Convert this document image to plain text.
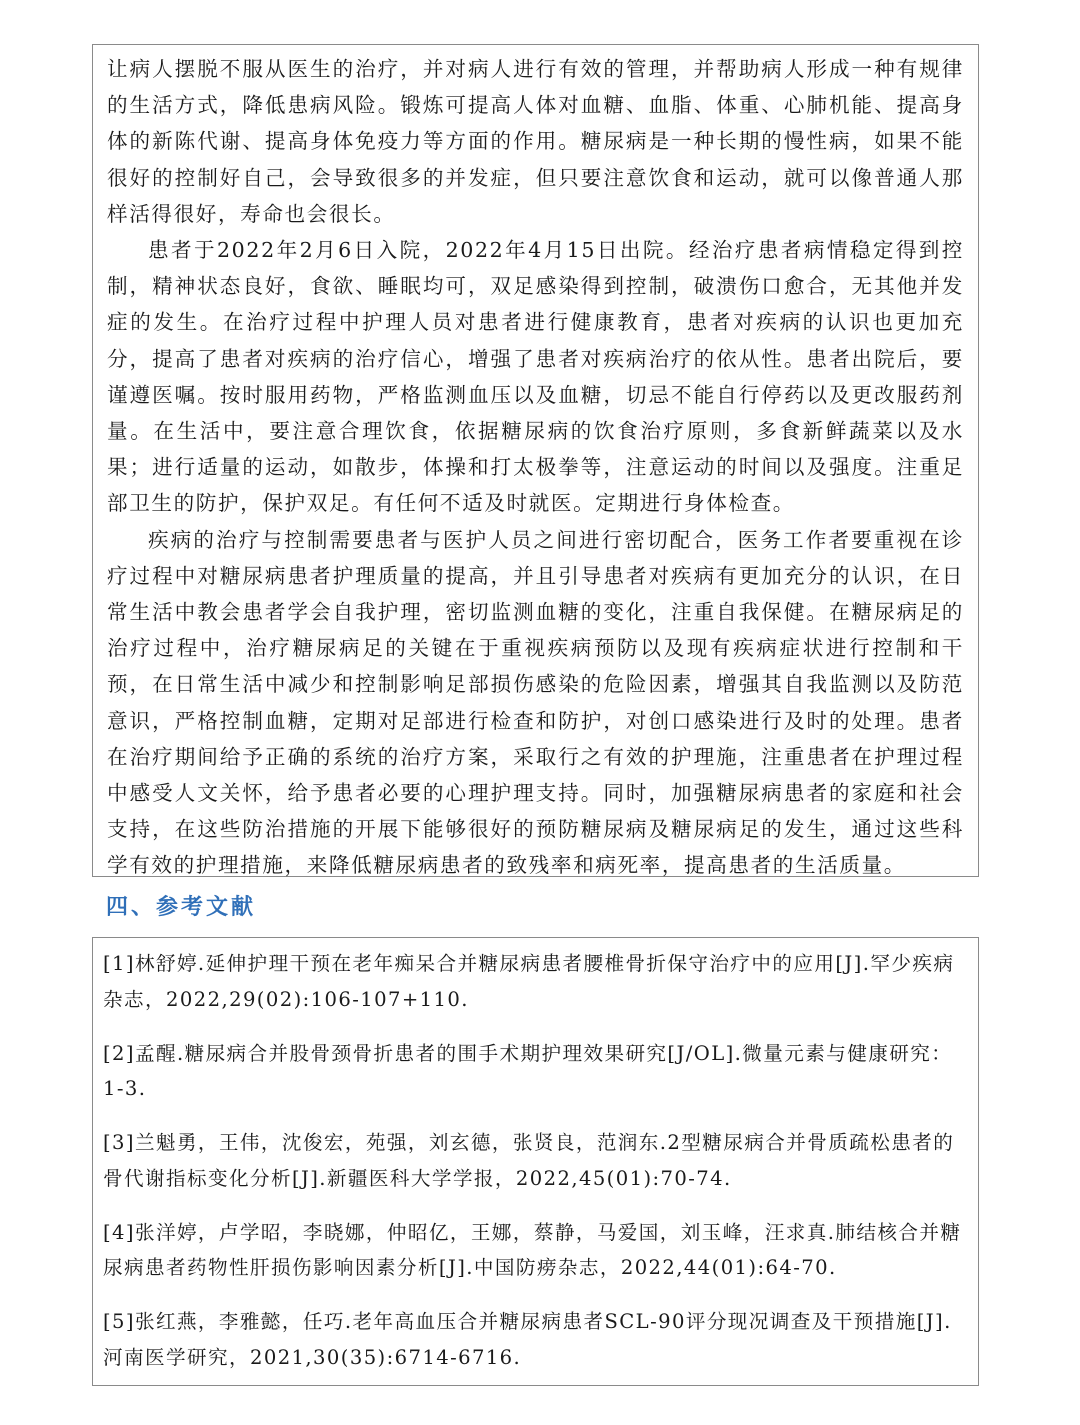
让病人摆脱不服从医生的治疗，并对病人进行有效的管理，并帮助病人形成一种有规律的生活方式，降低患病风险。锻炼可提高人体对血糖、血脂、体重、心肺机能、提高身体的新陈代谢、提高身体免疫力等方面的作用。糖尿病是一种长期的慢性病，如果不能很好的控制好自己，会导致很多的并发症，但只要注意饮食和运动，就可以像普通人那样活得很好，寿命也会很长。

患者于2022年2月6日入院，2022年4月15日出院。经治疗患者病情稳定得到控制，精神状态良好，食欲、睡眠均可，双足感染得到控制，破溃伤口愈合，无其他并发症的发生。在治疗过程中护理人员对患者进行健康教育，患者对疾病的认识也更加充分，提高了患者对疾病的治疗信心，增强了患者对疾病治疗的依从性。患者出院后，要谨遵医嘱。按时服用药物，严格监测血压以及血糖，切忌不能自行停药以及更改服药剂量。在生活中，要注意合理饮食，依据糖尿病的饮食治疗原则，多食新鲜蔬菜以及水果；进行适量的运动，如散步，体操和打太极拳等，注意运动的时间以及强度。注重足部卫生的防护，保护双足。有任何不适及时就医。定期进行身体检查。

疾病的治疗与控制需要患者与医护人员之间进行密切配合，医务工作者要重视在诊疗过程中对糖尿病患者护理质量的提高，并且引导患者对疾病有更加充分的认识，在日常生活中教会患者学会自我护理，密切监测血糖的变化，注重自我保健。在糖尿病足的治疗过程中，治疗糖尿病足的关键在于重视疾病预防以及现有疾病症状进行控制和干预，在日常生活中减少和控制影响足部损伤感染的危险因素，增强其自我监测以及防范意识，严格控制血糖，定期对足部进行检查和防护，对创口感染进行及时的处理。患者在治疗期间给予正确的系统的治疗方案，采取行之有效的护理施，注重患者在护理过程中感受人文关怀，给予患者必要的心理护理支持。同时，加强糖尿病患者的家庭和社会支持，在这些防治措施的开展下能够很好的预防糖尿病及糖尿病足的发生，通过这些科学有效的护理措施，来降低糖尿病患者的致残率和病死率，提高患者的生活质量。

四、参考文献

[1]林舒婷.延伸护理干预在老年痴呆合并糖尿病患者腰椎骨折保守治疗中的应用[J].罕少疾病杂志，2022,29(02):106-107+110.

[2]孟醒.糖尿病合并股骨颈骨折患者的围手术期护理效果研究[J/OL].微量元素与健康研究：1-3.

[3]兰魁勇，王伟，沈俊宏，苑强，刘玄德，张贤良，范润东.2型糖尿病合并骨质疏松患者的骨代谢指标变化分析[J].新疆医科大学学报，2022,45(01):70-74.

[4]张洋婷，卢学昭，李晓娜，仲昭亿，王娜，蔡静，马爱国，刘玉峰，汪求真.肺结核合并糖尿病患者药物性肝损伤影响因素分析[J].中国防痨杂志，2022,44(01):64-70.

[5]张红燕，李雅懿，任巧.老年高血压合并糖尿病患者SCL-90评分现况调查及干预措施[J].河南医学研究，2021,30(35):6714-6716.
